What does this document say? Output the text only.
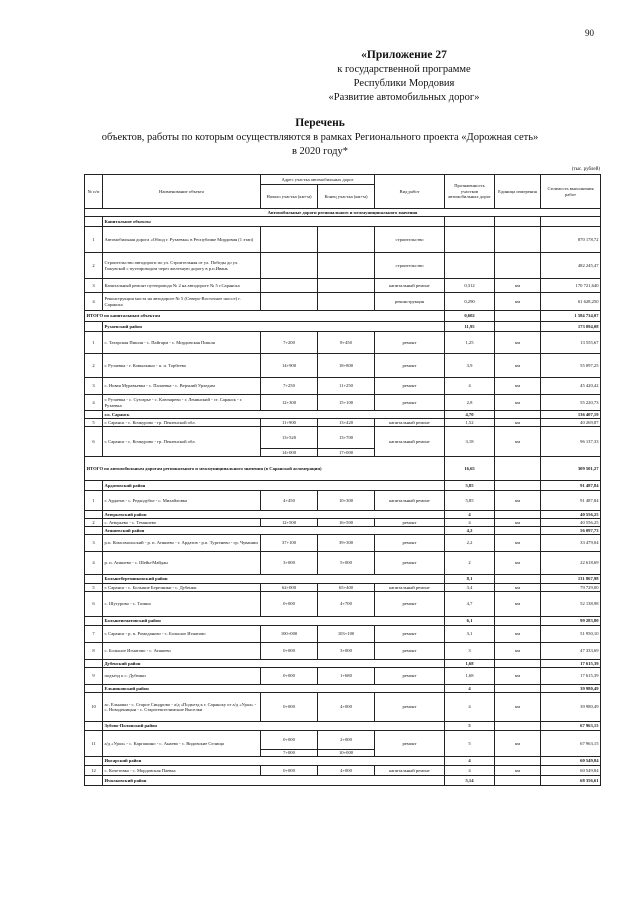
90
«Приложение 27
к государственной программе
Республики Мордовия
«Развитие автомобильных дорог»
Перечень
объектов, работы по которым осуществляются в рамках Регионального проекта «Дорожная сеть»
в 2020 году*
(тыс. рублей)
№ п/п	Наименование объекта	Адрес участка автомобильных дорог		Вид работ	Протяженность участков автомобильных дорог	Единица измерения	Стоимость выполнения работ
		Начало участка (км+м)	Конец участка (км+м)				
Автомобильные дороги регионального и межмуниципального значения							
	Капитальное объекты						
1	Автомобильная дорога «Обход г. Рузаевка» в Республике Мордовия (1 этап)			строительство			870 178,72
2	Строительство автодороги по ул. Строительная от ул. Победы до ул. Гожувской с путепроводом через железную дорогу в р.п.Ивань			строительство			482 245,47
3	Капитальный ремонт путепровода № 2 на автодороге № 5 г.Саранска			капитальный ремонт	0,312	км	170 721,640
4	Реконструкция моста на автодороге № 5 (Северо-Восточное шоссе) г. Саранска			реконструкция	0,290	км	61 628,250
ИТОГО по капитальным объектам					0,602		1 584 734,07
	Рузаевский район				11,95		173 094,08
1	с. Татарская Пишля - с. Пайгарм - с. Мордовская Пишля	7+200	8+450	ремонт	1,25	км	13 555,67
2	г. Рузаевка - г. Ковылкино - п. п. Торбеево	14+900	18+800	ремонт	3,9	км	55 097,25
3	с. Новая Муравьевка - с. Палаевка - с. Верхний Урледим	7+250	11+250	ремонт	4	км	45 420,42
4	г. Рузаевка - с. Сузгарье - с. Ключарево - г. Ленинский - ст. Саранск - г. Рузаевка	12+300	15+100	ремонт	2,8	км	55 220,73
	г.о. Саранск				4,70		136 407,19
5	г. Саранск - с. Кочкурово - гр. Пензенской обл.	11+900	13+420	капитальный ремонт	1,52	км	40 269,87
6	г. Саранск - с. Кочкурово - гр. Пензенской обл.	13+520	13+700	капитальный ремонт	3,18	км	96 137,33
		14+000	17+000				
ИТОГО по автомобильным дорогам регионального и межмуниципального значения (в Саранской агломерации)					16,65		309 501,27
	Ардатовский район				5,85		91 487,84
1	г. Ардатов - с. Редкодубье - с. Михайловка	4+450	10+300	капитальный ремонт	5,85	км	91 487,84
	Атюрьевский район				4		40 556,25
2	с. Атюрьево - с. Темяшево	12+500	16+500	ремонт	4	км	40 556,25
	Атяшевский район				4,2		56 097,73
3	р.п. Комсомольский - р. п. Атяшево - г. Ардатов - р.п. Тургенево - гр. Чувашии	37+100	39+300	ремонт	2,2	км	33 479,04
4	р. п. Атяшево - с. Шейн-Майдан	3+000	5+000	ремонт	2	км	22 618,69
	Большеберезниковский район				8,1		131 867,98
5	г. Саранск - с. Большие Березники - с. Дубенки	62+000	65+400	капитальный ремонт	3,4	км	79 729,00
6	с. Шугурово - с. Тазино	0+000	4+700	ремонт	4,7	км	52 138,98
	Большеигнатовский район				6,1		99 283,80
7	г. Саранск - р. п. Ромоданово - с. Большое Игнатово	100+000	103+100	ремонт	3,1	км	51 950,10
8	с. Большое Игнатово - с. Атяшево	0+000	3+000	ремонт	3	км	47 333,69
	Дубенский район				1,68		17 615,39
9	подъезд к с. Дубенки	0+000	1+680	ремонт	1,68	км	17 615,39
	Ельниковский район				4		39 980,49
10	ас. Ельники - с. Старое Синдрово - а/д «Подъезд к г. Саранску от а/д «Урал» - с. Новоденицын - с. Старотештелимские Выселки	0+000	4+000	ремонт	4	км	39 980,49
	Зубово-Полянский район				5		67 963,15
11	а/д «Урал» - с. Каргашино - с. Анаево - с. Видовские Селища	0+000	2+000	ремонт	5	км	67 963,15
		7+000	10+000				
	Инсарский район				4		60 549,84
12	с. Кочетовка - с. Мордовская Паевка	0+000	4+000	капитальный ремонт	4	км	60 549,84
	Ичалковский район				5,14		68 356,61
